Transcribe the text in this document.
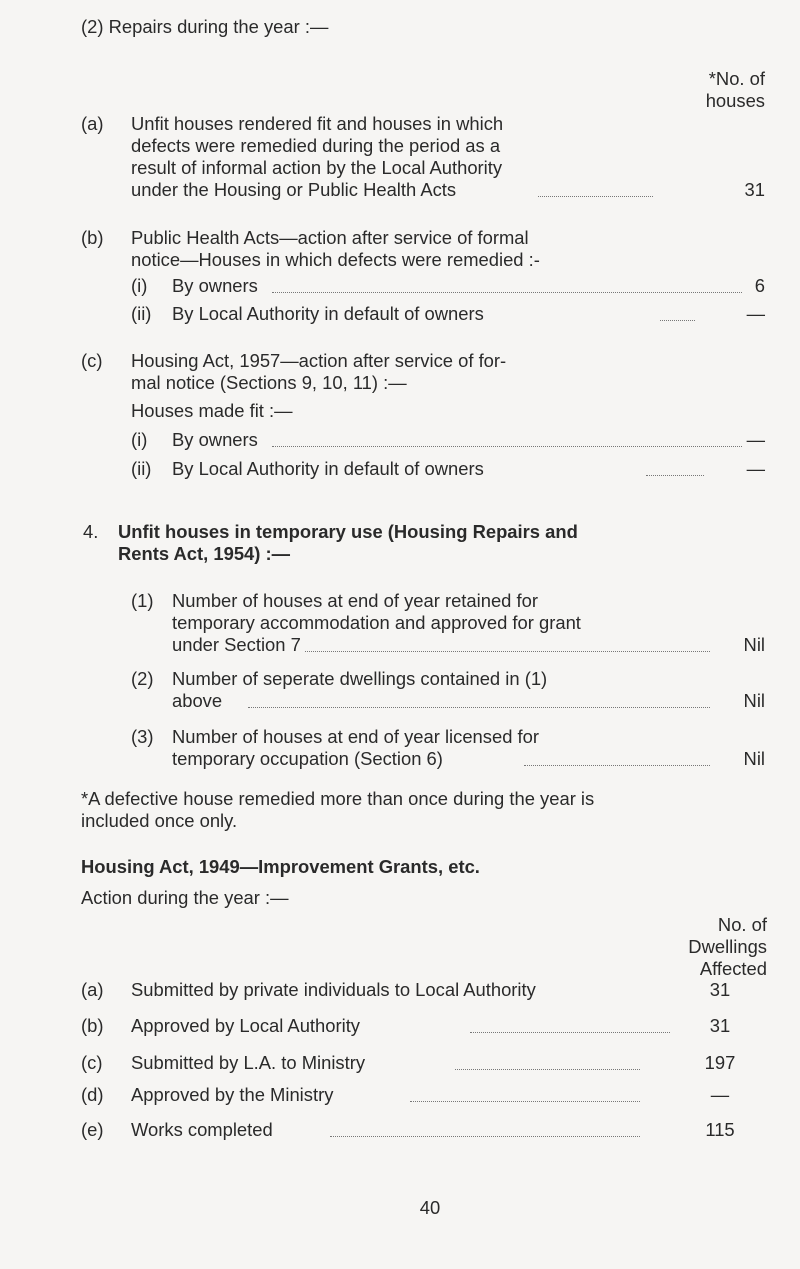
(2) Repairs during the year :—
*No. of
houses
(a) Unfit houses rendered fit and houses in which
defects were remedied during the period as a
result of informal action by the Local Authority
under the Housing or Public Health Acts	31
(b) Public Health Acts—action after service of formal
notice—Houses in which defects were remedied :-
(i) By owners	6
(ii) By Local Authority in default of owners	—
(c) Housing Act, 1957—action after service of for-
mal notice (Sections 9, 10, 11) :—
Houses made fit :—
(i) By owners	—
(ii) By Local Authority in default of owners	—
4. Unfit houses in temporary use (Housing Repairs and
Rents Act, 1954) :—
(1) Number of houses at end of year retained for
temporary accommodation and approved for grant
under Section 7	Nil
(2) Number of seperate dwellings contained in (1)
above	Nil
(3) Number of houses at end of year licensed for
temporary occupation (Section 6)	Nil
*A defective house remedied more than once during the year is
included once only.
Housing Act, 1949—Improvement Grants, etc.
Action during the year :—
No. of
Dwellings
Affected
(a) Submitted by private individuals to Local Authority	31
(b) Approved by Local Authority	31
(c) Submitted by L.A. to Ministry	197
(d) Approved by the Ministry	—
(e) Works completed	115
40
